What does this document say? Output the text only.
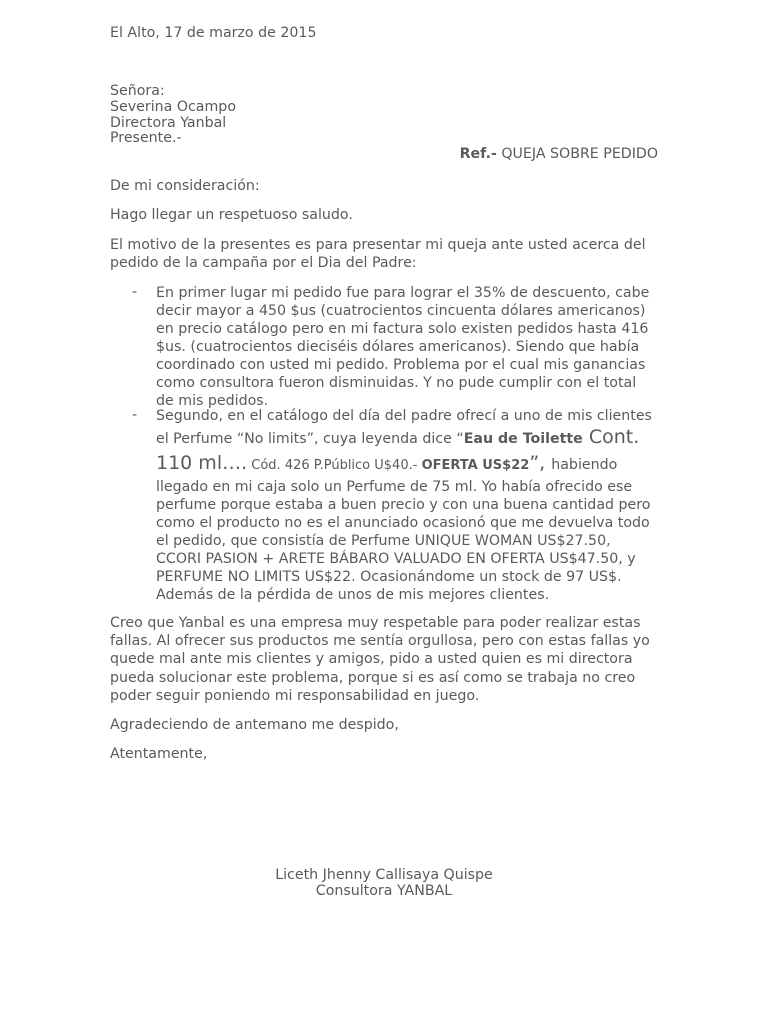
El Alto, 17 de marzo de 2015
Señora:
Severina Ocampo
Directora Yanbal
Presente.-
Ref.- QUEJA SOBRE PEDIDO
De mi consideración:
Hago llegar un respetuoso saludo.
El motivo de la presentes es para presentar mi queja ante usted acerca del
pedido de la campaña por el Dia del Padre:
- En primer lugar mi pedido fue para lograr el 35% de descuento, cabe
decir mayor a 450 $us (cuatrocientos cincuenta dólares americanos)
en precio catálogo pero en mi factura solo existen pedidos hasta 416
$us. (cuatrocientos dieciséis dólares americanos). Siendo que había
coordinado con usted mi pedido. Problema por el cual mis ganancias
como consultora fueron disminuidas. Y no pude cumplir con el total
de mis pedidos.
- Segundo, en el catálogo del día del padre ofrecí a uno de mis clientes
el Perfume “No limits”, cuya leyenda dice “Eau de Toilette Cont.
110 ml…. Cód. 426 P.Público U$40.- OFERTA US$22”, habiendo
llegado en mi caja solo un Perfume de 75 ml. Yo había ofrecido ese
perfume porque estaba a buen precio y con una buena cantidad pero
como el producto no es el anunciado ocasionó que me devuelva todo
el pedido, que consistía de Perfume UNIQUE WOMAN US$27.50,
CCORI PASION + ARETE BÁBARO VALUADO EN OFERTA US$47.50, y
PERFUME NO LIMITS US$22. Ocasionándome un stock de 97 US$.
Además de la pérdida de unos de mis mejores clientes.
Creo que Yanbal es una empresa muy respetable para poder realizar estas
fallas. Al ofrecer sus productos me sentía orgullosa, pero con estas fallas yo
quede mal ante mis clientes y amigos, pido a usted quien es mi directora
pueda solucionar este problema, porque si es así como se trabaja no creo
poder seguir poniendo mi responsabilidad en juego.
Agradeciendo de antemano me despido,
Atentamente,
Liceth Jhenny Callisaya Quispe
Consultora YANBAL
